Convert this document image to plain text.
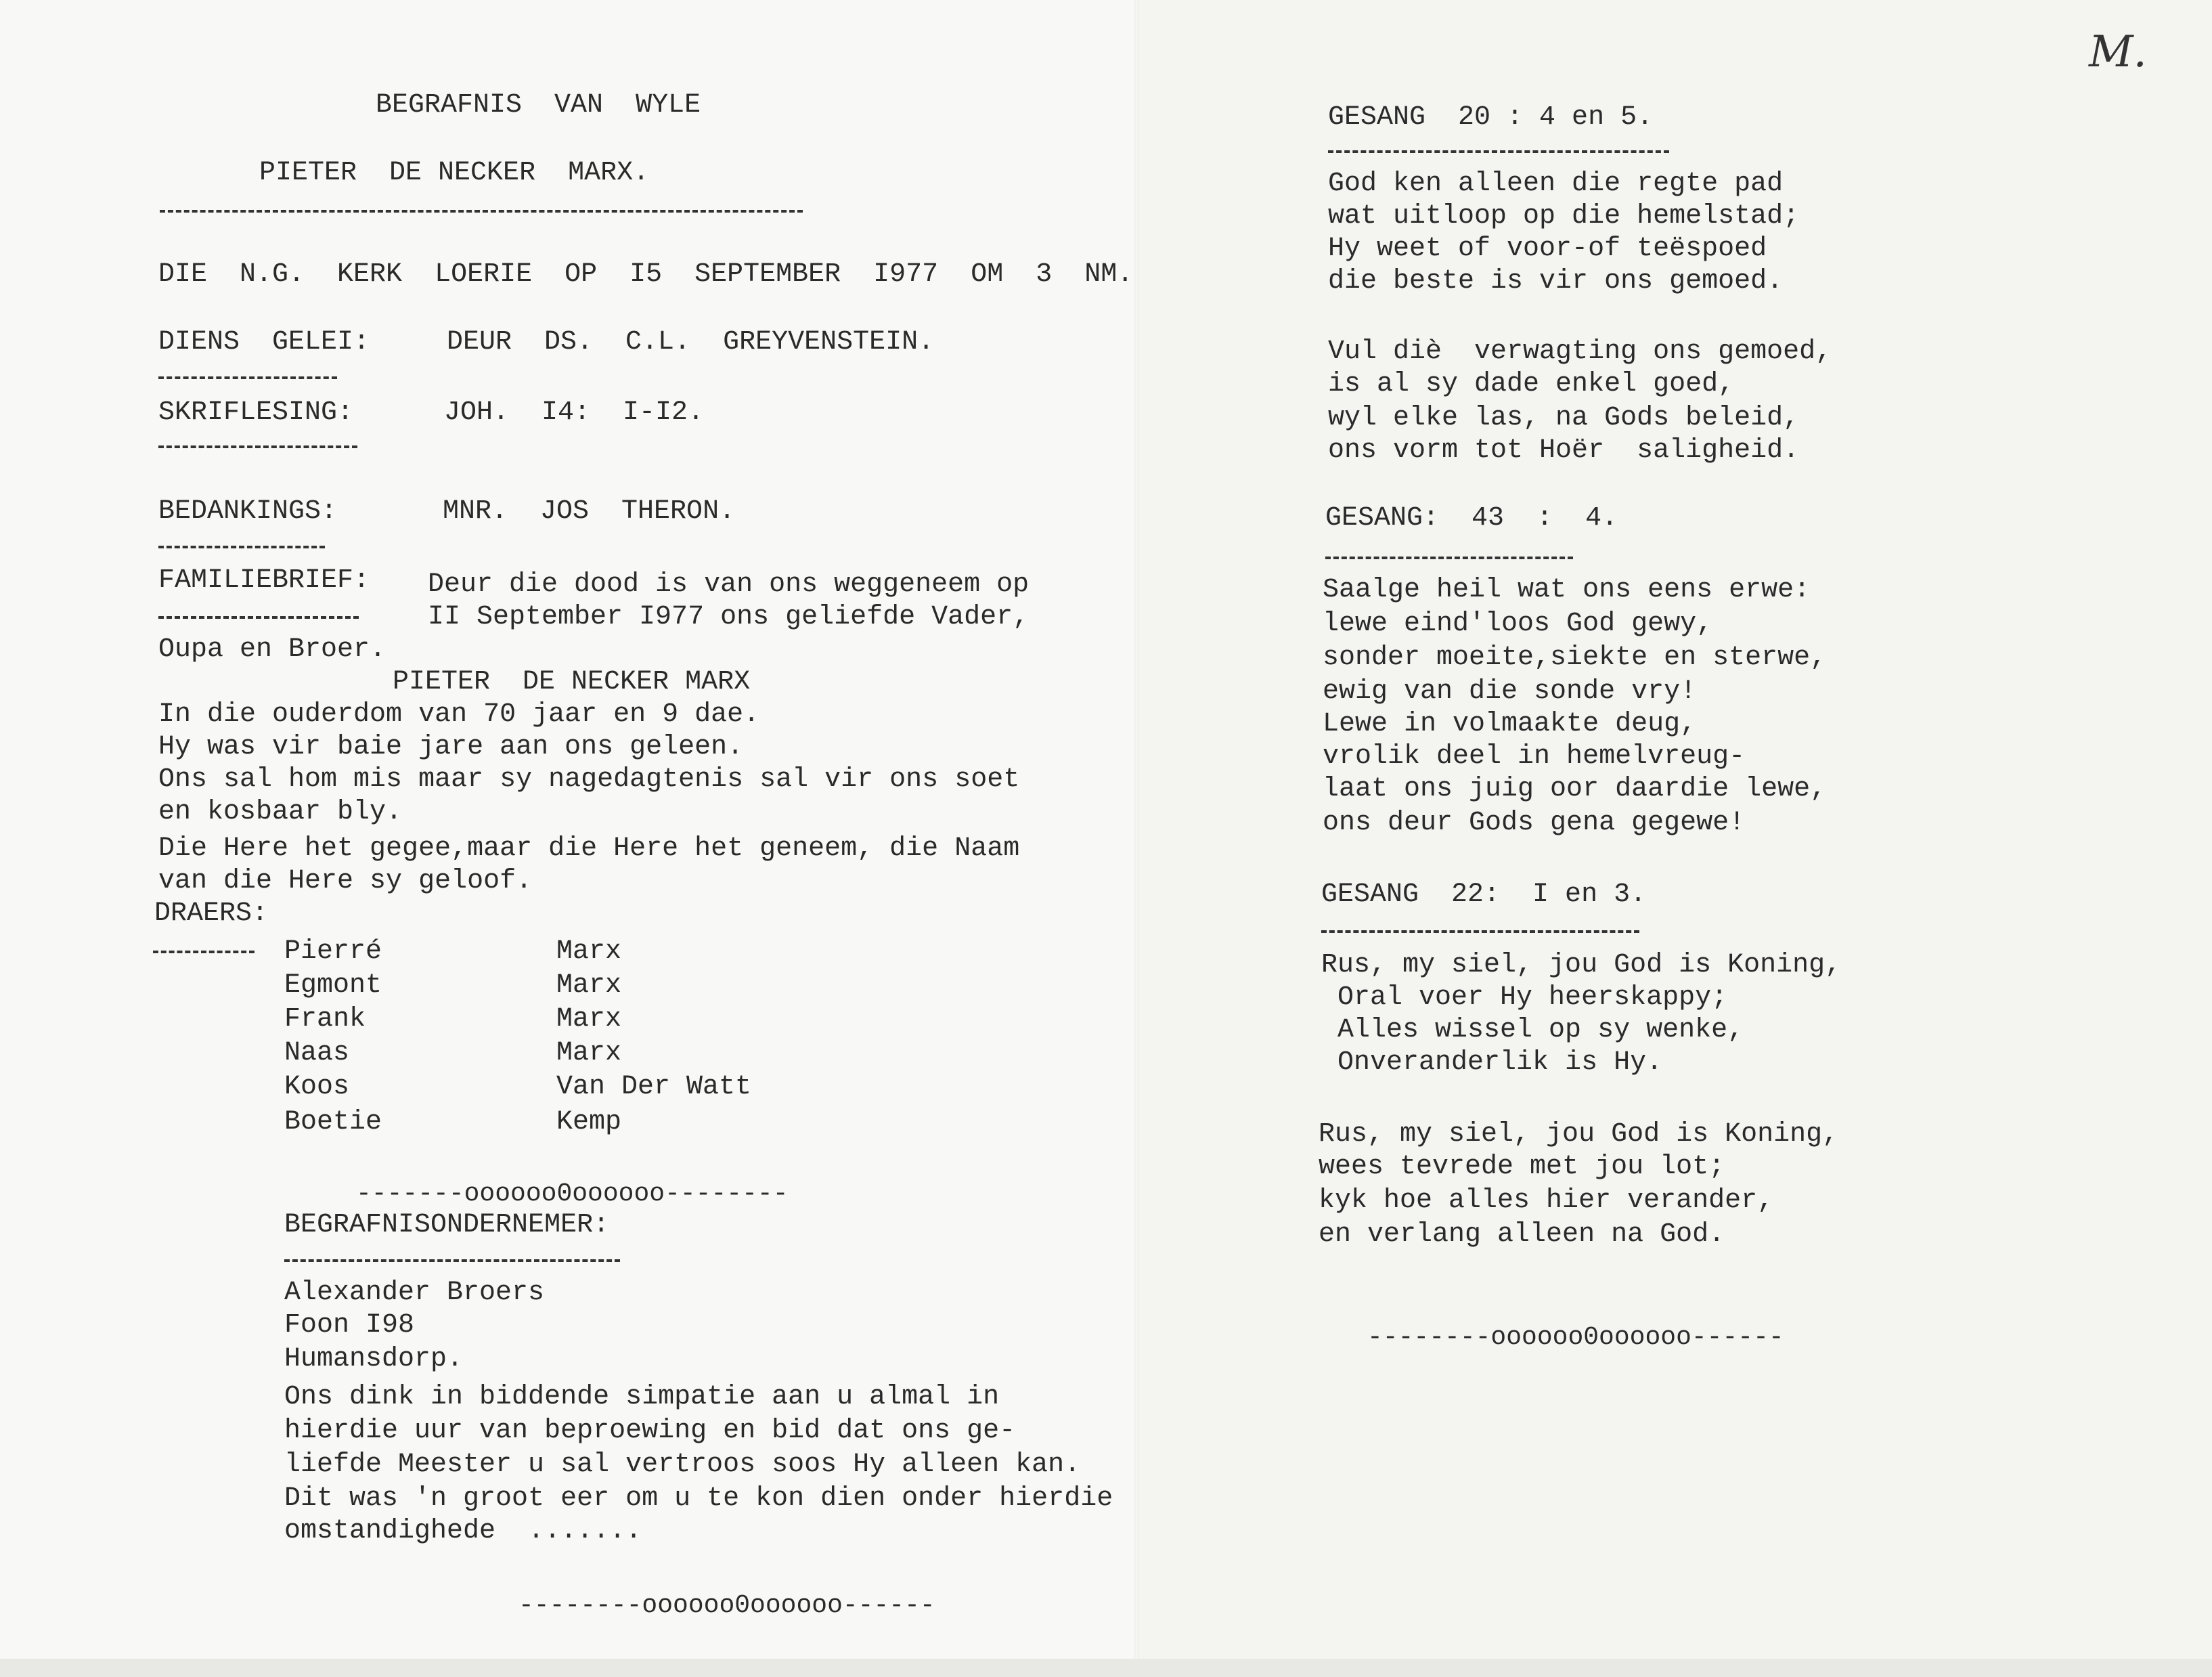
M.
BEGRAFNIS  VAN  WYLE
PIETER  DE NECKER  MARX.
DIE  N.G.  KERK  LOERIE  OP  I5  SEPTEMBER  I977  OM  3  NM.
DIENS  GELEI:	DEUR  DS.  C.L.  GREYVENSTEIN.
SKRIFLESING:	JOH.  I4:  I-I2.
BEDANKINGS:	MNR.  JOS  THERON.
FAMILIEBRIEF: Deur die dood is van ons weggeneem op
II September I977 ons geliefde Vader,
Oupa en Broer.
PIETER  DE NECKER MARX
In die ouderdom van 70 jaar en 9 dae.
Hy was vir baie jare aan ons geleen.
Ons sal hom mis maar sy nagedagtenis sal vir ons soet
en kosbaar bly.
Die Here het gegee,maar die Here het geneem, die Naam
van die Here sy geloof.
DRAERS:
Pierré	Marx
Egmont	Marx
Frank	Marx
Naas	Marx
Koos	Van Der Watt
Boetie	Kemp
-------oooooo0oooooo--------
BEGRAFNISONDERNEMER:
Alexander Broers
Foon I98
Humansdorp.
Ons dink in biddende simpatie aan u almal in
hierdie uur van beproewing en bid dat ons ge-
liefde Meester u sal vertroos soos Hy alleen kan.
Dit was 'n groot eer om u te kon dien onder hierdie
omstandighede  .......
--------oooooo0oooooo------
GESANG  20 : 4 en 5.
God ken alleen die regte pad
wat uitloop op die hemelstad;
Hy weet of voor-of teëspoed
die beste is vir ons gemoed.
Vul diè  verwagting ons gemoed,
is al sy dade enkel goed,
wyl elke las, na Gods beleid,
ons vorm tot Hoër  saligheid.
GESANG:  43  :  4.
Saalge heil wat ons eens erwe:
lewe eind'loos God gewy,
sonder moeite,siekte en sterwe,
ewig van die sonde vry!
Lewe in volmaakte deug,
vrolik deel in hemelvreug-
laat ons juig oor daardie lewe,
ons deur Gods gena gegewe!
GESANG  22:  I en 3.
Rus, my siel, jou God is Koning,
Oral voer Hy heerskappy;
Alles wissel op sy wenke,
Onveranderlik is Hy.
Rus, my siel, jou God is Koning,
wees tevrede met jou lot;
kyk hoe alles hier verander,
en verlang alleen na God.
--------oooooo0oooooo------
